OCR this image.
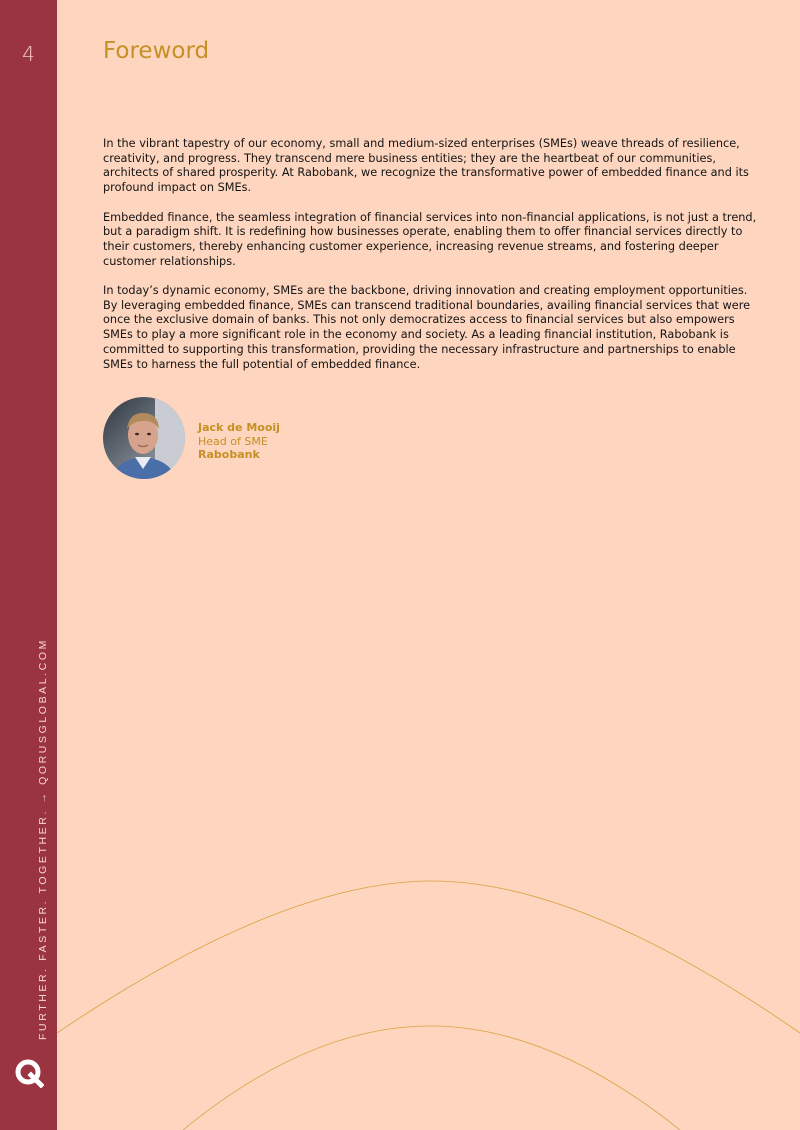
4
FURTHER. FASTER. TOGETHER. → QORUSGLOBAL.COM
Foreword

In the vibrant tapestry of our economy, small and medium-sized enterprises (SMEs) weave threads of resilience, creativity, and progress. They transcend mere business entities; they are the heartbeat of our communities, architects of shared prosperity. At Rabobank, we recognize the transformative power of embedded finance and its profound impact on SMEs.

Embedded finance, the seamless integration of financial services into non-financial applications, is not just a trend, but a paradigm shift. It is redefining how businesses operate, enabling them to offer financial services directly to their customers, thereby enhancing customer experience, increasing revenue streams, and fostering deeper customer relationships.

In today’s dynamic economy, SMEs are the backbone, driving innovation and creating employment opportunities. By leveraging embedded finance, SMEs can transcend traditional boundaries, availing financial services that were once the exclusive domain of banks. This not only democratizes access to financial services but also empowers SMEs to play a more significant role in the economy and society. As a leading financial institution, Rabobank is committed to supporting this transformation, providing the necessary infrastructure and partnerships to enable SMEs to harness the full potential of embedded finance.

Jack de Mooij
Head of SME
Rabobank
